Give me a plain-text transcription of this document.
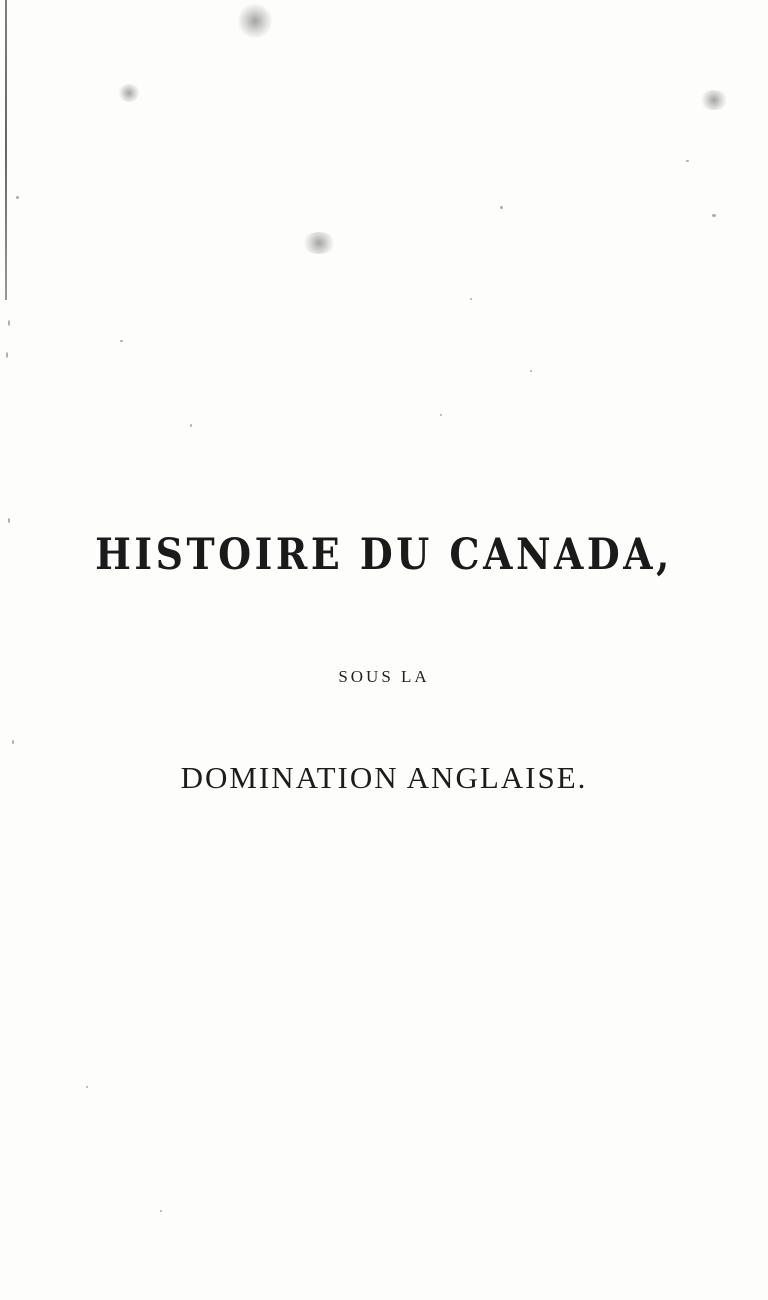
HISTOIRE DU CANADA,

SOUS LA

DOMINATION ANGLAISE.
